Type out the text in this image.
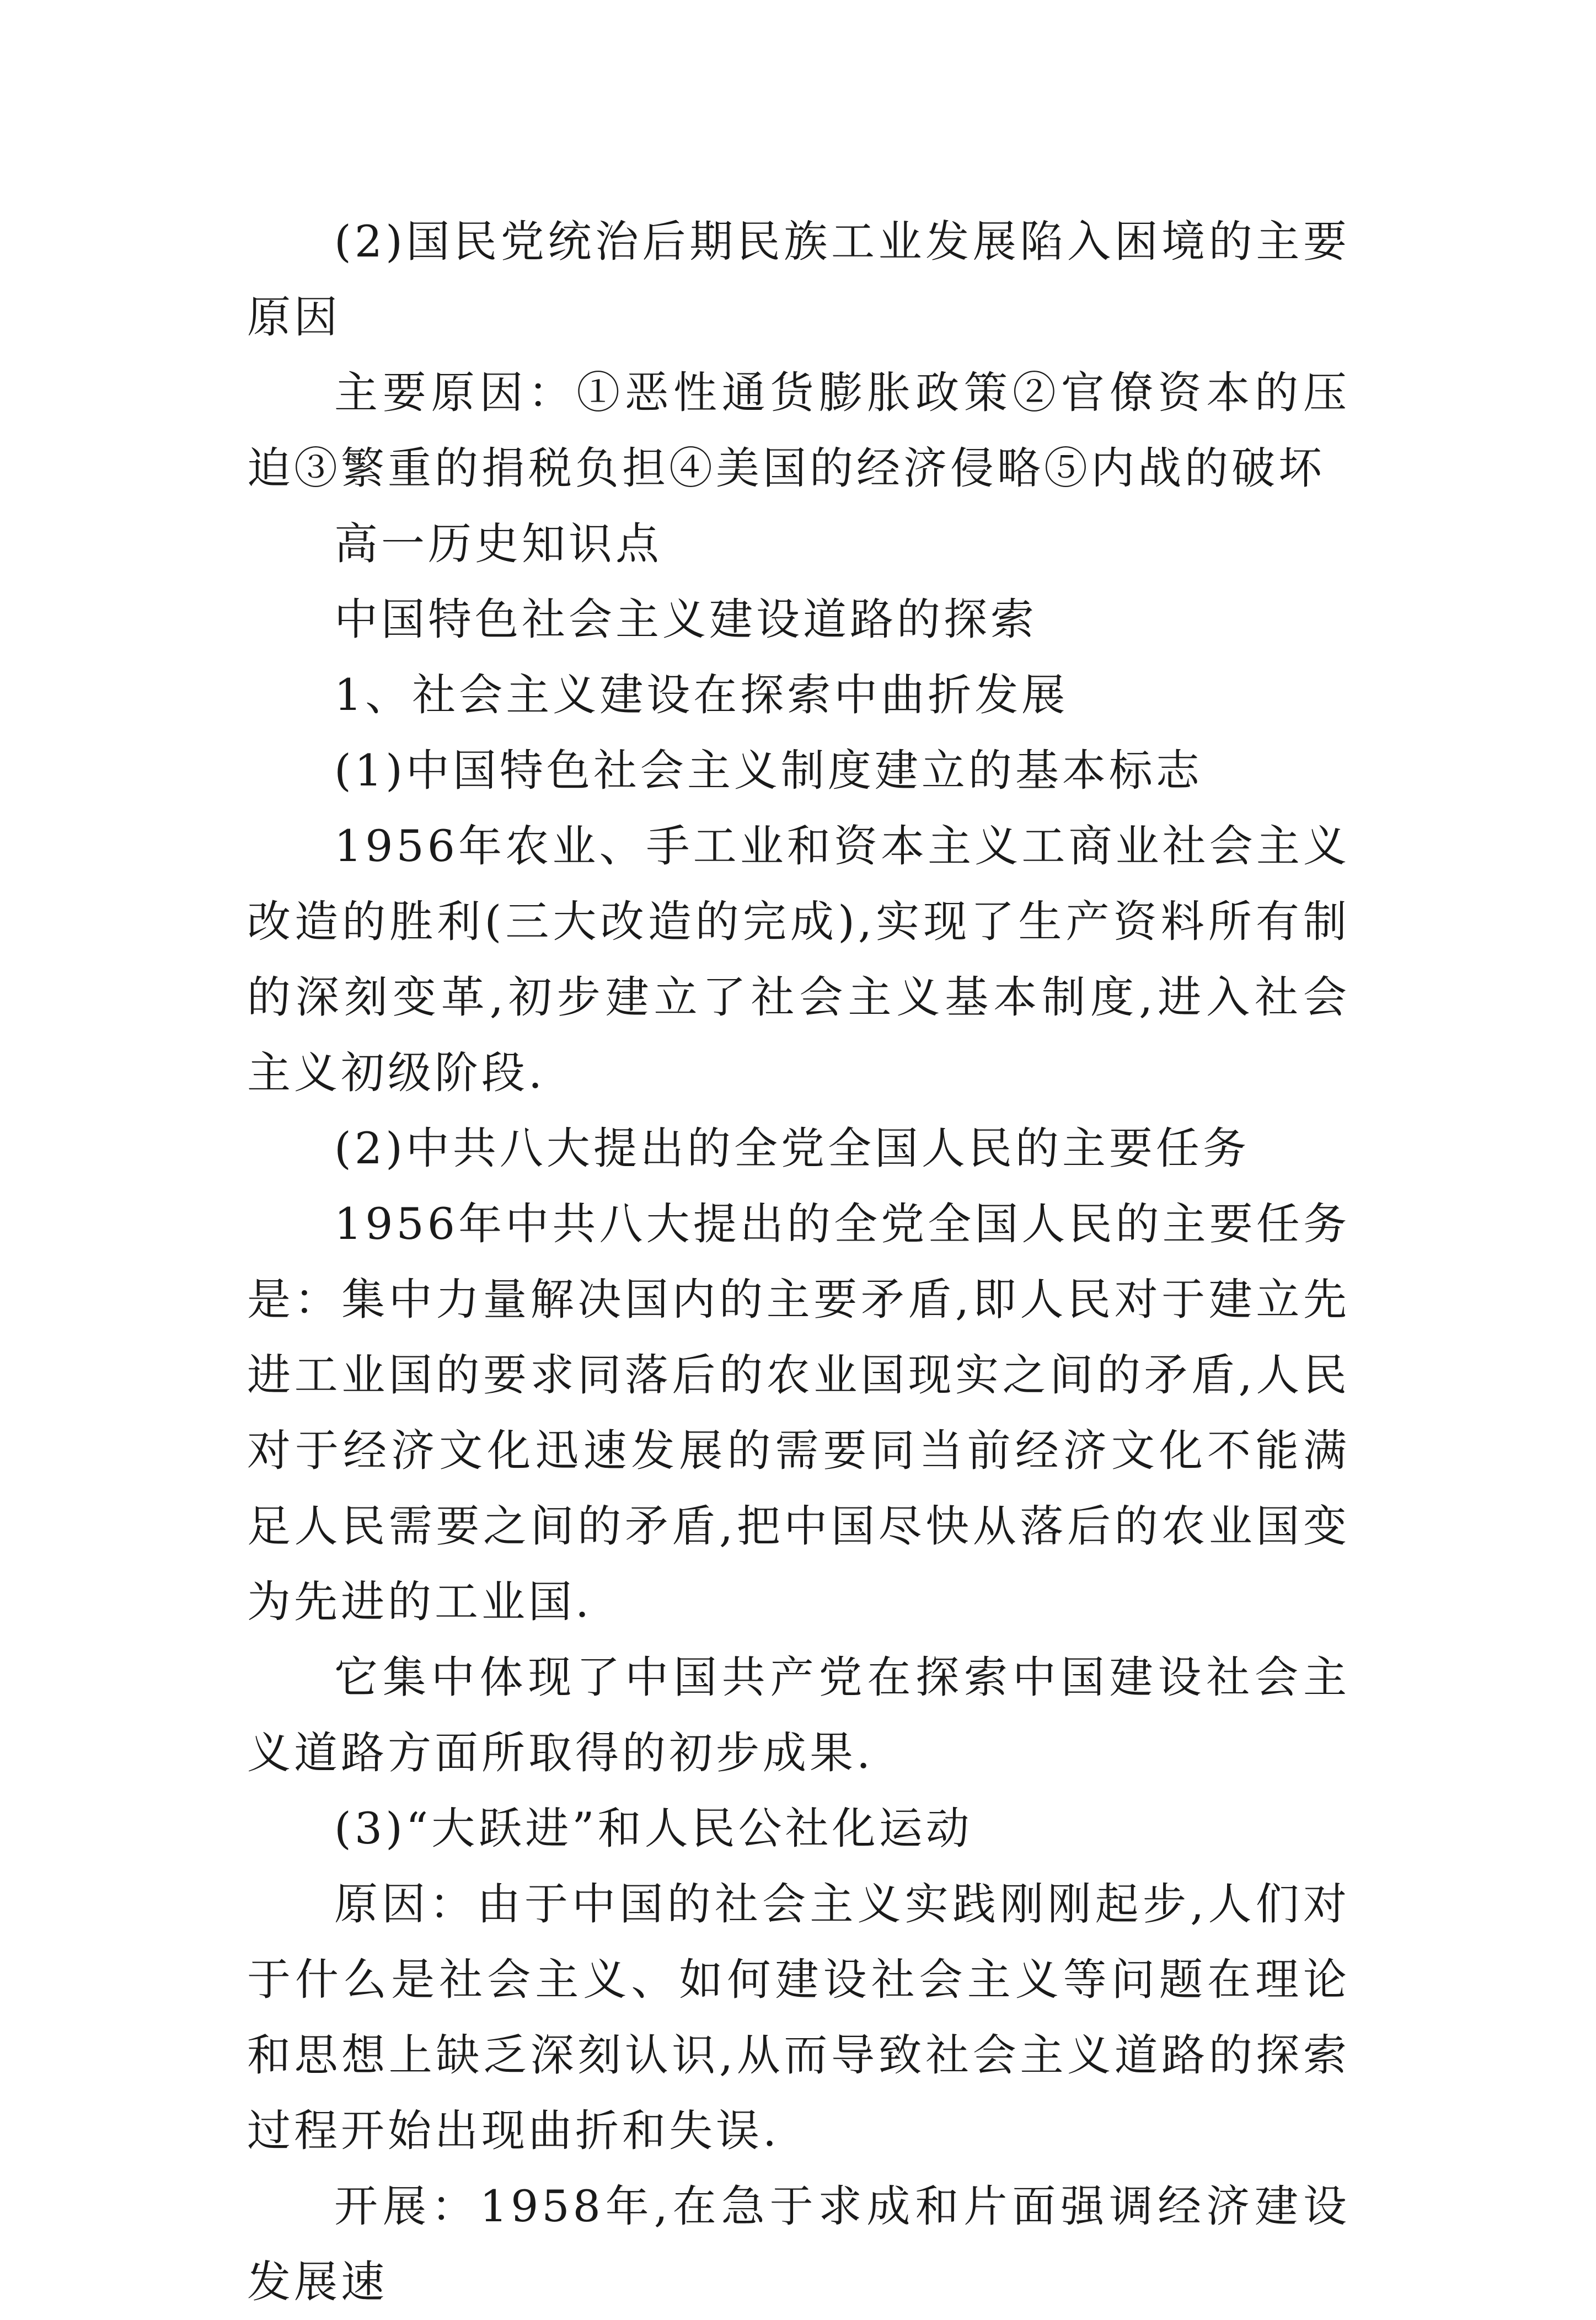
(2)国民党统治后期民族工业发展陷入困境的主要原因

主要原因：①恶性通货膨胀政策②官僚资本的压迫③繁重的捐税负担④美国的经济侵略⑤内战的破坏

高一历史知识点

中国特色社会主义建设道路的探索

1、社会主义建设在探索中曲折发展

(1)中国特色社会主义制度建立的基本标志

1956年农业、手工业和资本主义工商业社会主义改造的胜利(三大改造的完成),实现了生产资料所有制的深刻变革,初步建立了社会主义基本制度,进入社会主义初级阶段.

(2)中共八大提出的全党全国人民的主要任务

1956年中共八大提出的全党全国人民的主要任务是：集中力量解决国内的主要矛盾,即人民对于建立先进工业国的要求同落后的农业国现实之间的矛盾,人民对于经济文化迅速发展的需要同当前经济文化不能满足人民需要之间的矛盾,把中国尽快从落后的农业国变为先进的工业国.

它集中体现了中国共产党在探索中国建设社会主义道路方面所取得的初步成果.

(3)“大跃进”和人民公社化运动

原因：由于中国的社会主义实践刚刚起步,人们对于什么是社会主义、如何建设社会主义等问题在理论和思想上缺乏深刻认识,从而导致社会主义道路的探索过程开始出现曲折和失误.

开展：1958年,在急于求成和片面强调经济建设发展速
